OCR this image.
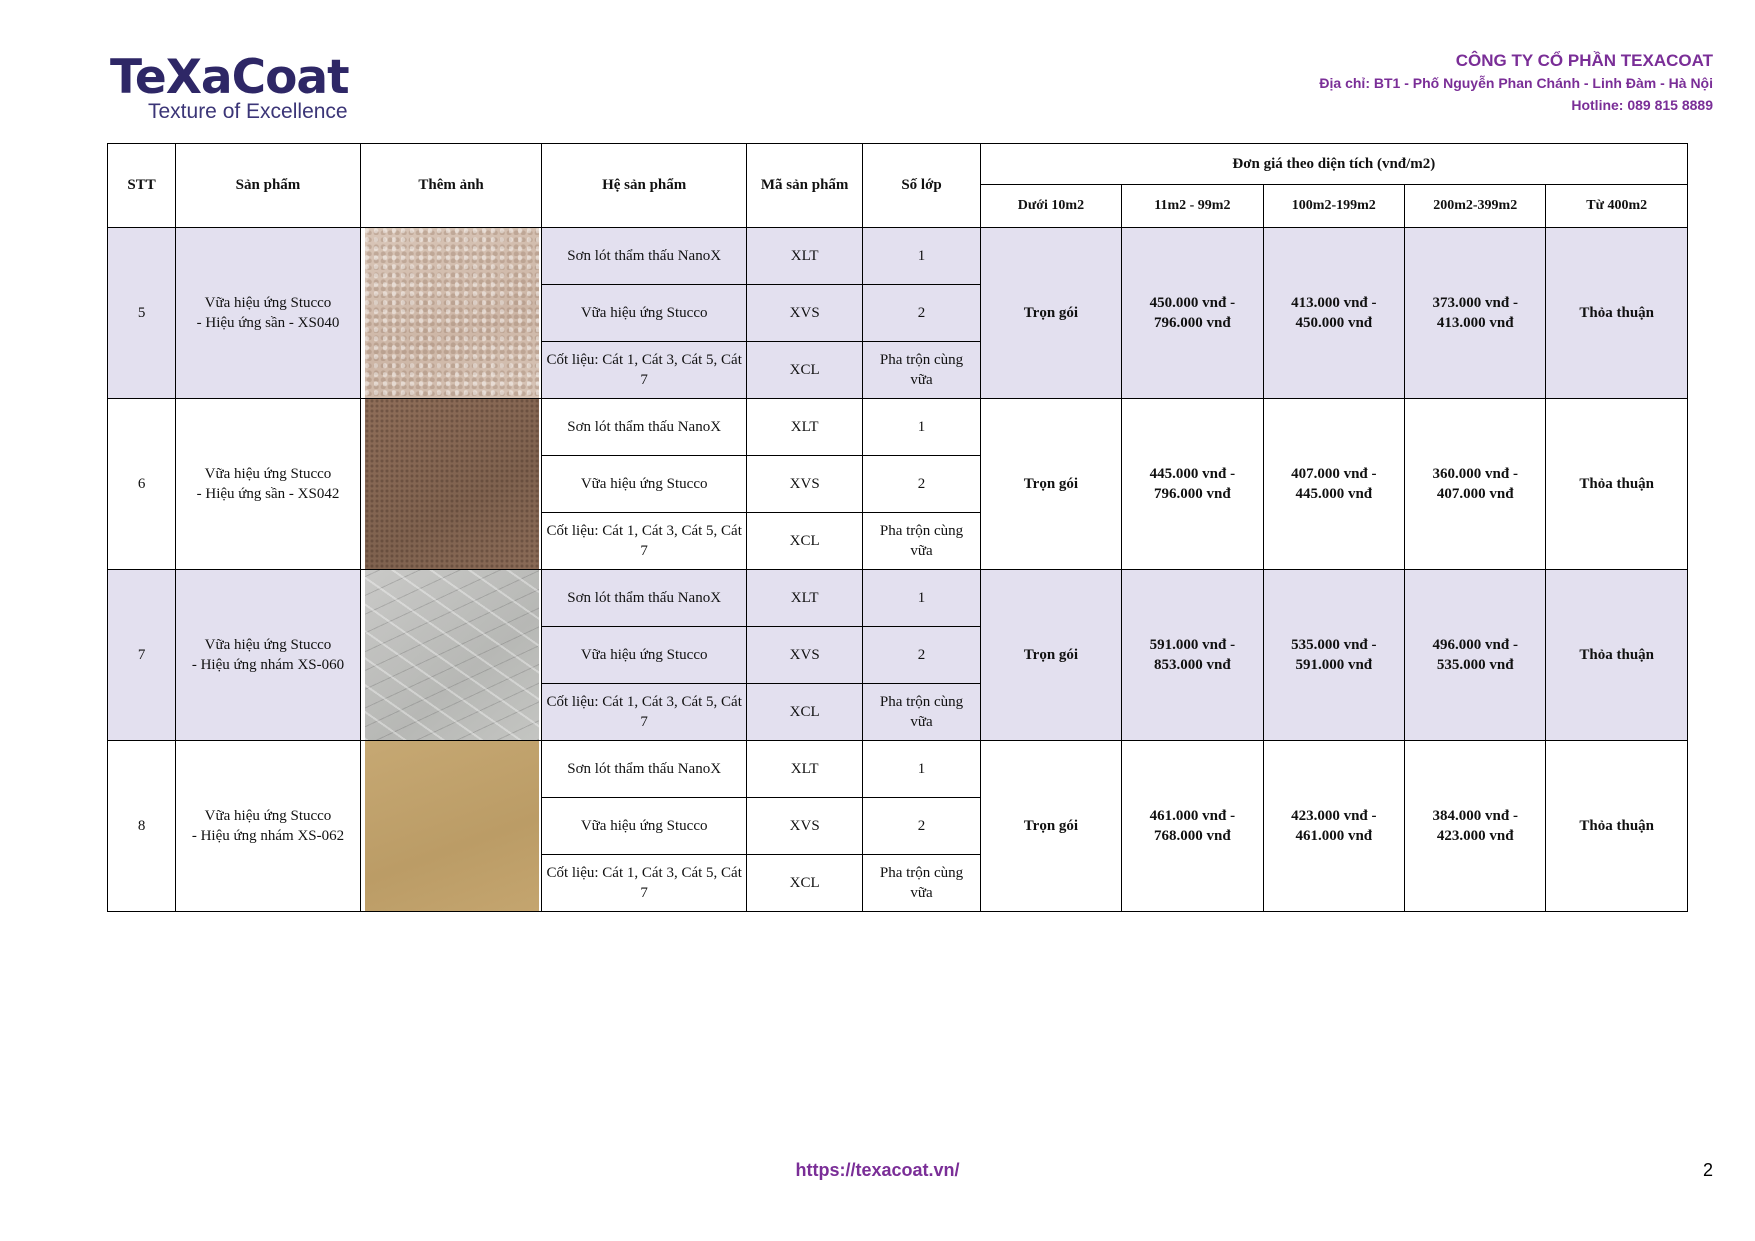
TeXaCoat
Texture of Excellence
CÔNG TY CỔ PHẦN TEXACOAT
Địa chỉ: BT1 - Phố Nguyễn Phan Chánh - Linh Đàm - Hà Nội
Hotline: 089 815 8889
STT	Sản phẩm	Thêm ảnh	Hệ sản phẩm	Mã sản phẩm	Số lớp	Đơn giá theo diện tích (vnđ/m2)				
						Dưới 10m2	11m2 - 99m2	100m2-199m2	200m2-399m2	Từ 400m2
5	Vữa hiệu ứng Stucco
- Hiệu ứng sần - XS040		Sơn lót thẩm thấu NanoX	XLT	1	Trọn gói	450.000 vnđ - 796.000 vnđ	413.000 vnđ - 450.000 vnđ	373.000 vnđ - 413.000 vnđ	Thỏa thuận
			Vữa hiệu ứng Stucco	XVS	2					
			Cốt liệu: Cát 1, Cát 3, Cát 5, Cát 7	XCL	Pha trộn cùng vữa					
6	Vữa hiệu ứng Stucco
- Hiệu ứng sần - XS042		Sơn lót thẩm thấu NanoX	XLT	1	Trọn gói	445.000 vnđ - 796.000 vnđ	407.000 vnđ - 445.000 vnđ	360.000 vnđ - 407.000 vnđ	Thỏa thuận
			Vữa hiệu ứng Stucco	XVS	2					
			Cốt liệu: Cát 1, Cát 3, Cát 5, Cát 7	XCL	Pha trộn cùng vữa					
7	Vữa hiệu ứng Stucco
- Hiệu ứng nhám XS-060		Sơn lót thẩm thấu NanoX	XLT	1	Trọn gói	591.000 vnđ - 853.000 vnđ	535.000 vnđ - 591.000 vnđ	496.000 vnđ - 535.000 vnđ	Thỏa thuận
			Vữa hiệu ứng Stucco	XVS	2					
			Cốt liệu: Cát 1, Cát 3, Cát 5, Cát 7	XCL	Pha trộn cùng vữa					
8	Vữa hiệu ứng Stucco
- Hiệu ứng nhám XS-062		Sơn lót thẩm thấu NanoX	XLT	1	Trọn gói	461.000 vnđ - 768.000 vnđ	423.000 vnđ - 461.000 vnđ	384.000 vnđ - 423.000 vnđ	Thỏa thuận
			Vữa hiệu ứng Stucco	XVS	2					
			Cốt liệu: Cát 1, Cát 3, Cát 5, Cát 7	XCL	Pha trộn cùng vữa					
https://texacoat.vn/	2
